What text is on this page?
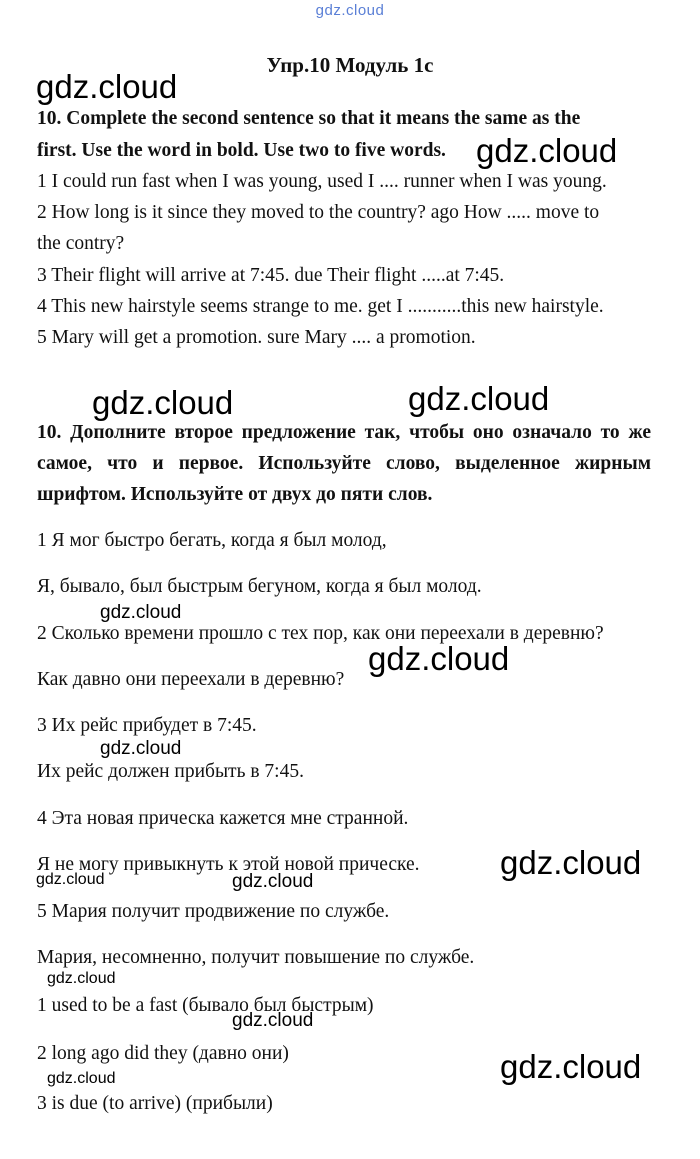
gdz.cloud
Упр.10 Модуль 1с
10. Complete the second sentence so that it means the same as the
first. Use the word in bold. Use two to five words.
1 I could run fast when I was young, used I .... runner when I was young.
2 How long is it since they moved to the country? ago How ..... move to
the contry?
3 Their flight will arrive at 7:45. due Their flight .....at 7:45.
4 This new hairstyle seems strange to me. get I ...........this new hairstyle.
5 Mary will get a promotion. sure Mary .... a promotion.
10. Дополните второе предложение так, чтобы оно означало то же
самое, что и первое. Используйте слово, выделенное жирным
шрифтом. Используйте от двух до пяти слов.
1 Я мог быстро бегать, когда я был молод,
Я, бывало, был быстрым бегуном, когда я был молод.
2 Сколько времени прошло с тех пор, как они переехали в деревню?
Как давно они переехали в деревню?
3 Их рейс прибудет в 7:45.
Их рейс должен прибыть в 7:45.
4 Эта новая прическа кажется мне странной.
Я не могу привыкнуть к этой новой прическе.
5 Мария получит продвижение по службе.
Мария, несомненно, получит повышение по службе.
1 used to be a fast (бывало был быстрым)
2 long ago did they (давно они)
3 is due (to arrive) (прибыли)
gdz.cloud
gdz.cloud
gdz.cloud	gdz.cloud
gdz.cloud
gdz.cloud
gdz.cloud
gdz.cloud
gdz.cloud	gdz.cloud
gdz.cloud
gdz.cloud
gdz.cloud
gdz.cloud
